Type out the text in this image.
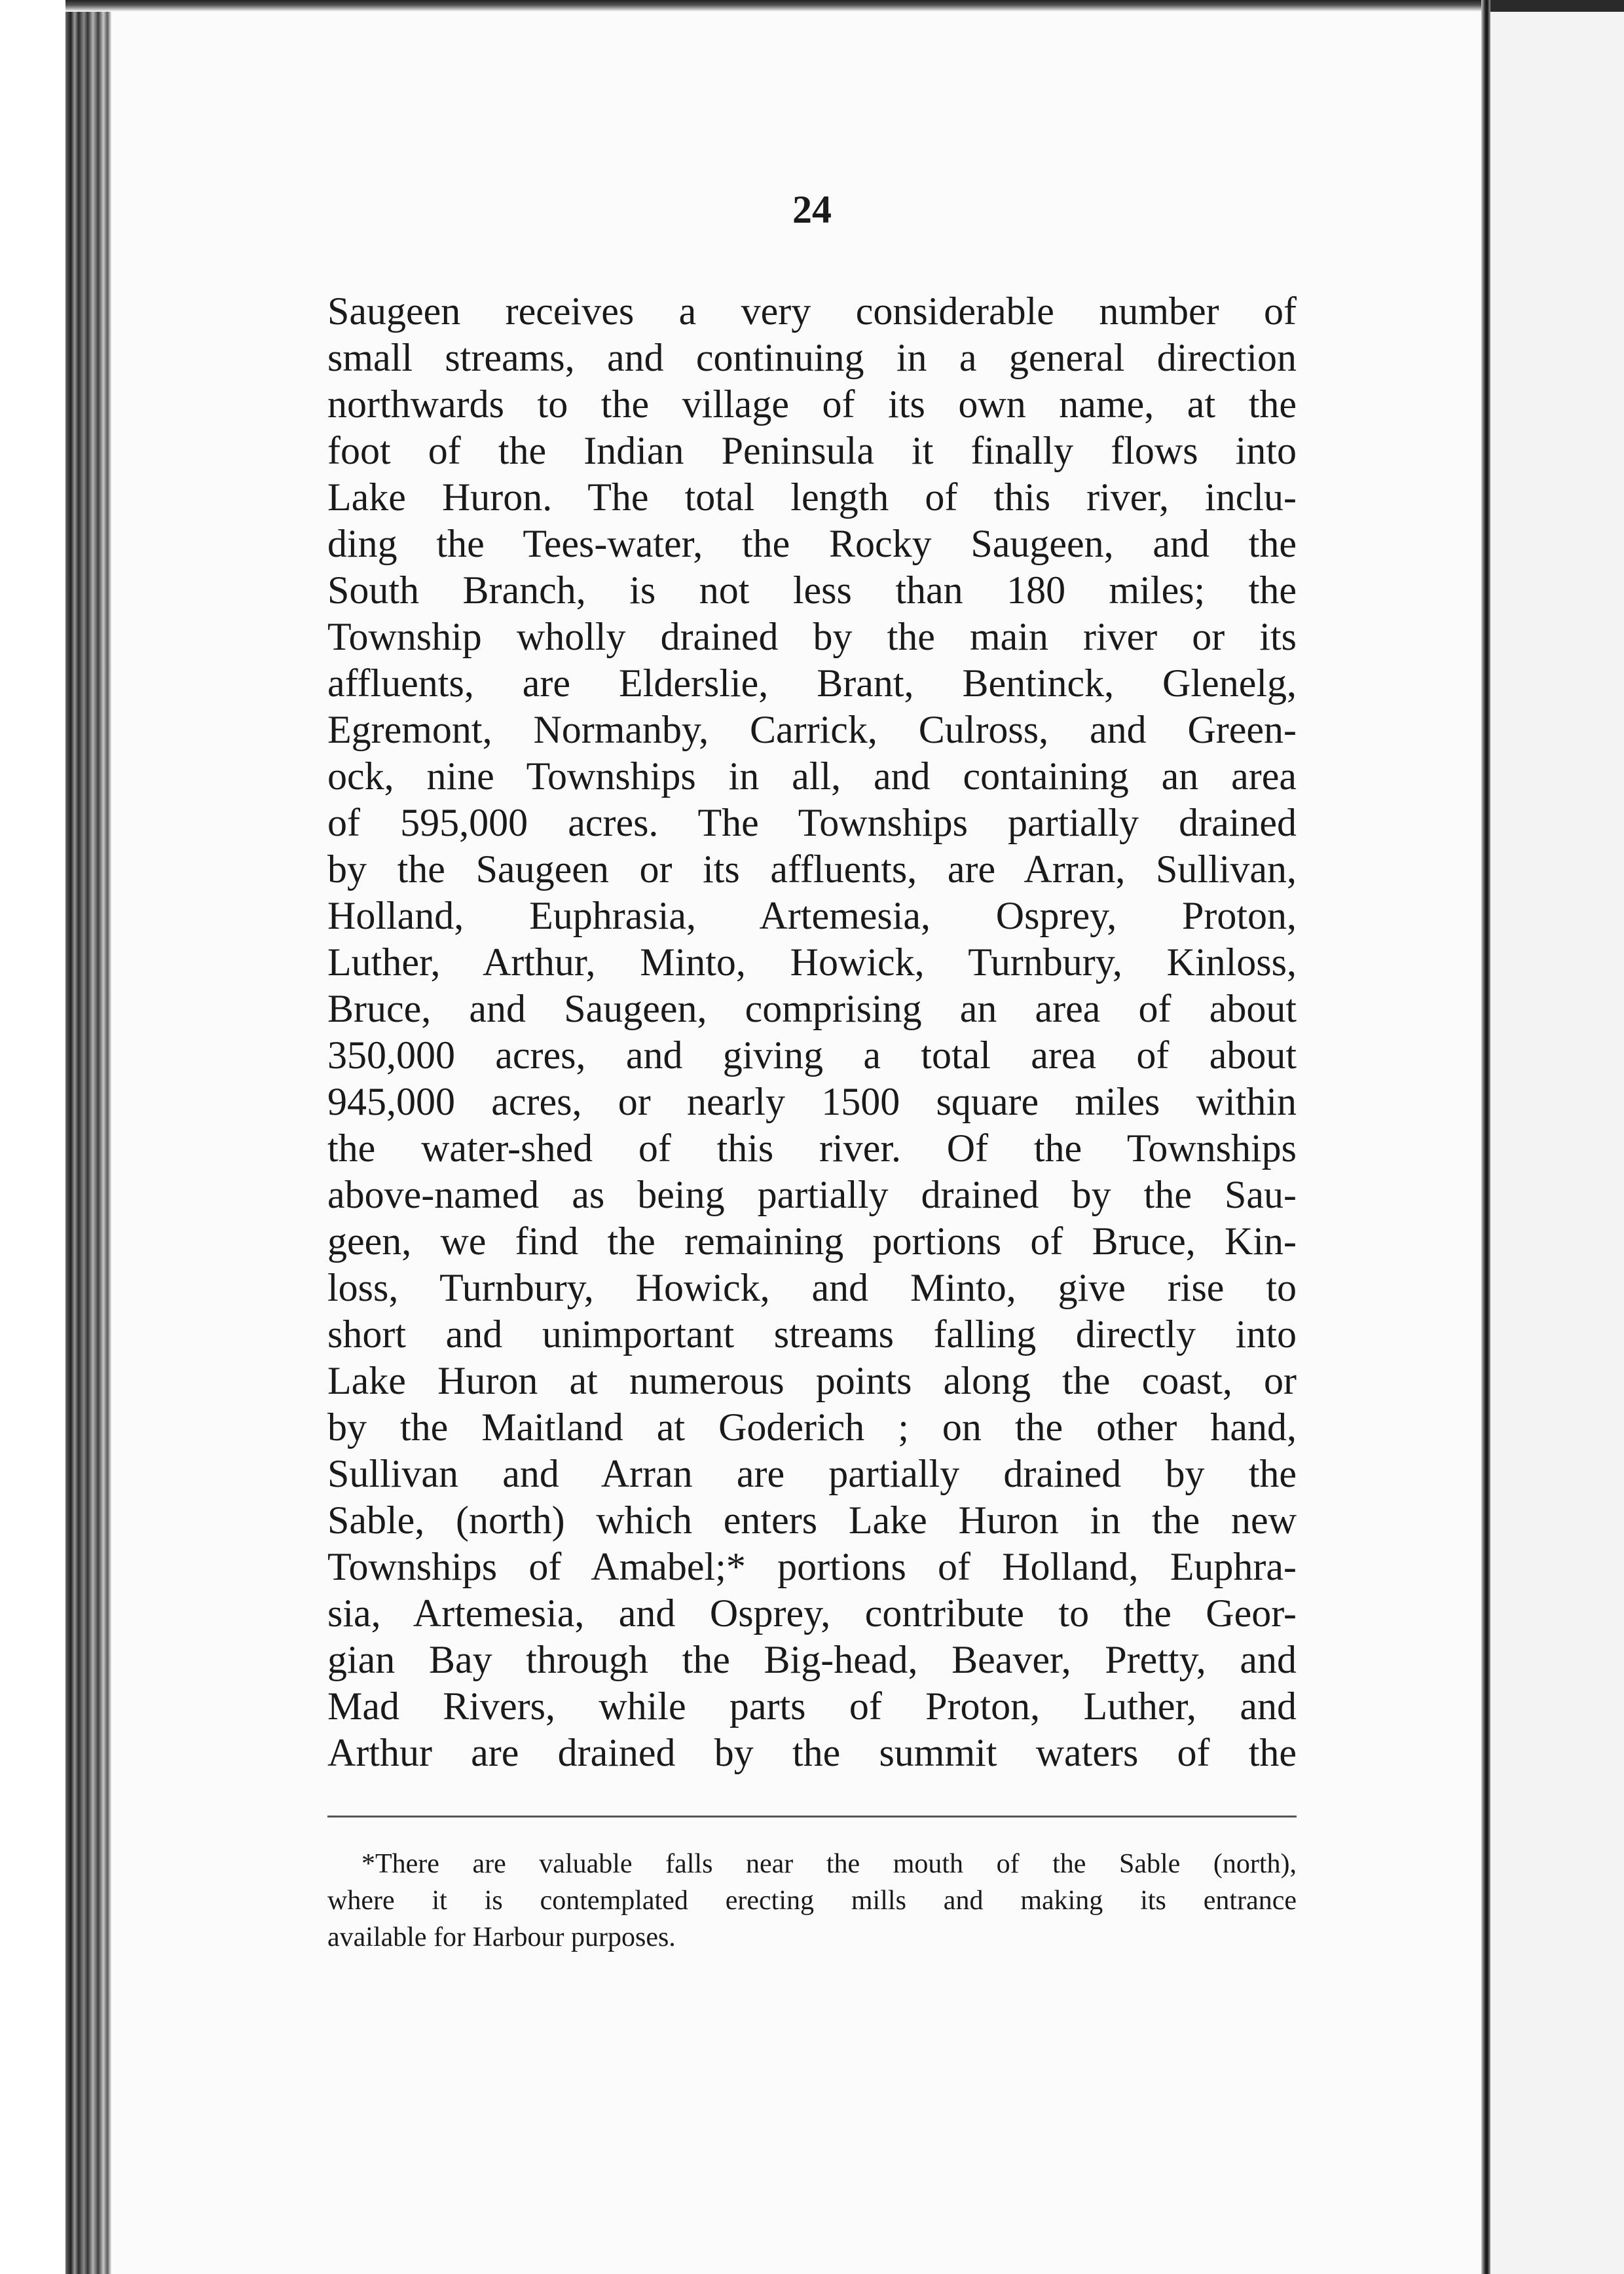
24
Saugeen receives a very considerable number of
small streams, and continuing in a general direction
northwards to the village of its own name, at the
foot of the Indian Peninsula it finally flows into
Lake Huron. The total length of this river, inclu-
ding the Tees-water, the Rocky Saugeen, and the
South Branch, is not less than 180 miles; the
Township wholly drained by the main river or its
affluents, are Elderslie, Brant, Bentinck, Glenelg,
Egremont, Normanby, Carrick, Culross, and Green-
ock, nine Townships in all, and containing an area
of 595,000 acres. The Townships partially drained
by the Saugeen or its affluents, are Arran, Sullivan,
Holland, Euphrasia, Artemesia, Osprey, Proton,
Luther, Arthur, Minto, Howick, Turnbury, Kinloss,
Bruce, and Saugeen, comprising an area of about
350,000 acres, and giving a total area of about
945,000 acres, or nearly 1500 square miles within
the water-shed of this river. Of the Townships
above-named as being partially drained by the Sau-
geen, we find the remaining portions of Bruce, Kin-
loss, Turnbury, Howick, and Minto, give rise to
short and unimportant streams falling directly into
Lake Huron at numerous points along the coast, or
by the Maitland at Goderich ; on the other hand,
Sullivan and Arran are partially drained by the
Sable, (north) which enters Lake Huron in the new
Townships of Amabel;* portions of Holland, Euphra-
sia, Artemesia, and Osprey, contribute to the Geor-
gian Bay through the Big-head, Beaver, Pretty, and
Mad Rivers, while parts of Proton, Luther, and
Arthur are drained by the summit waters of the
*There are valuable falls near the mouth of the Sable (north),
where it is contemplated erecting mills and making its entrance
available for Harbour purposes.
